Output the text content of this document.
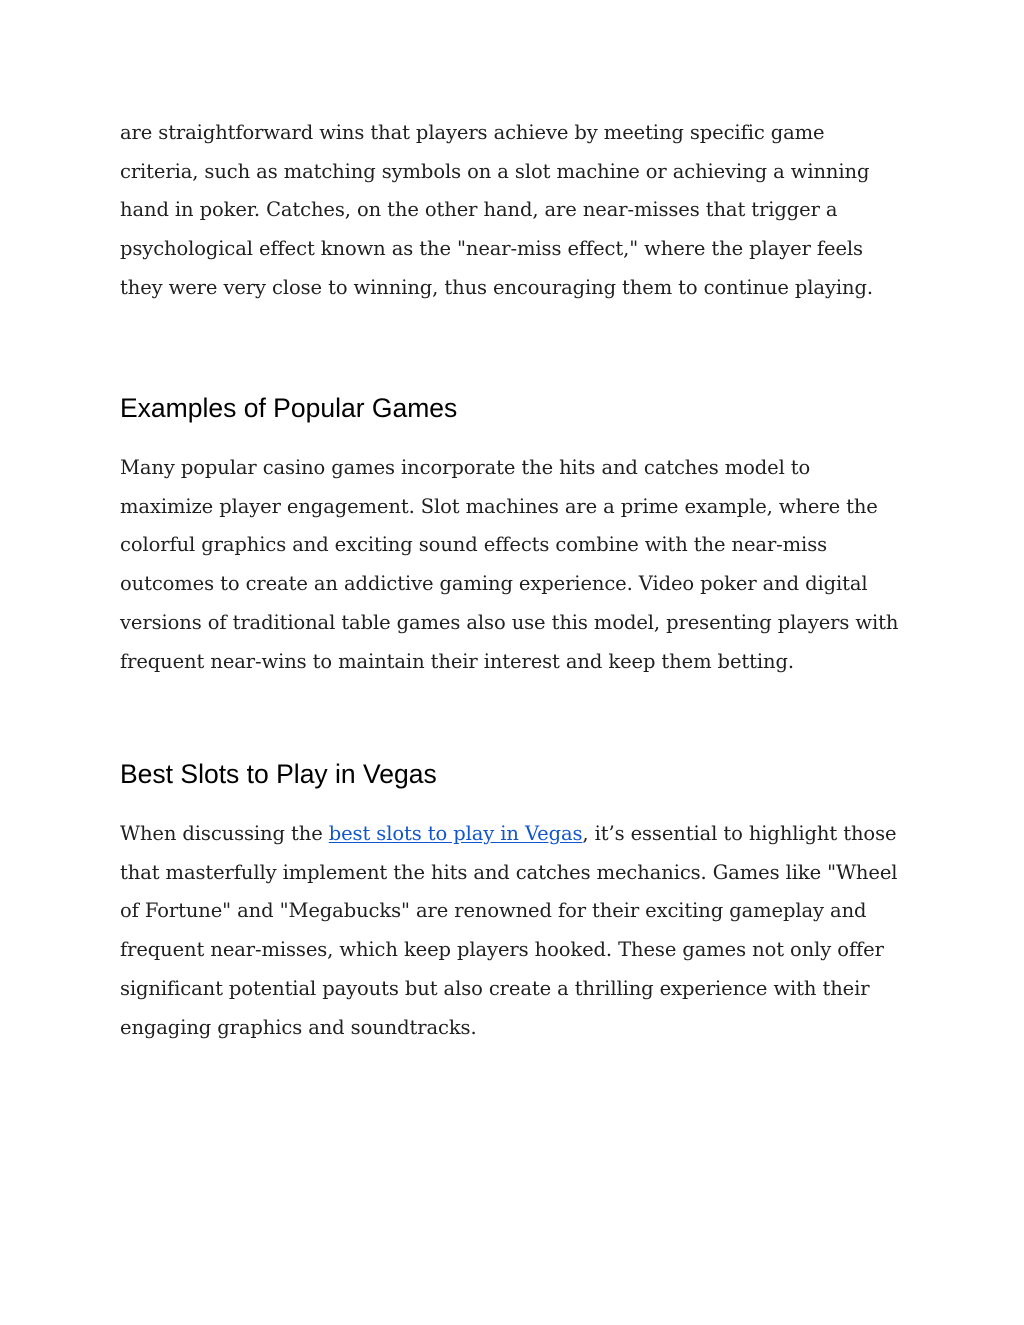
are straightforward wins that players achieve by meeting specific game criteria, such as matching symbols on a slot machine or achieving a winning hand in poker. Catches, on the other hand, are near-misses that trigger a psychological effect known as the "near-miss effect," where the player feels they were very close to winning, thus encouraging them to continue playing.

Examples of Popular Games

Many popular casino games incorporate the hits and catches model to maximize player engagement. Slot machines are a prime example, where the colorful graphics and exciting sound effects combine with the near-miss outcomes to create an addictive gaming experience. Video poker and digital versions of traditional table games also use this model, presenting players with frequent near-wins to maintain their interest and keep them betting.

Best Slots to Play in Vegas

When discussing the best slots to play in Vegas, it’s essential to highlight those that masterfully implement the hits and catches mechanics. Games like "Wheel of Fortune" and "Megabucks" are renowned for their exciting gameplay and frequent near-misses, which keep players hooked. These games not only offer significant potential payouts but also create a thrilling experience with their engaging graphics and soundtracks.
